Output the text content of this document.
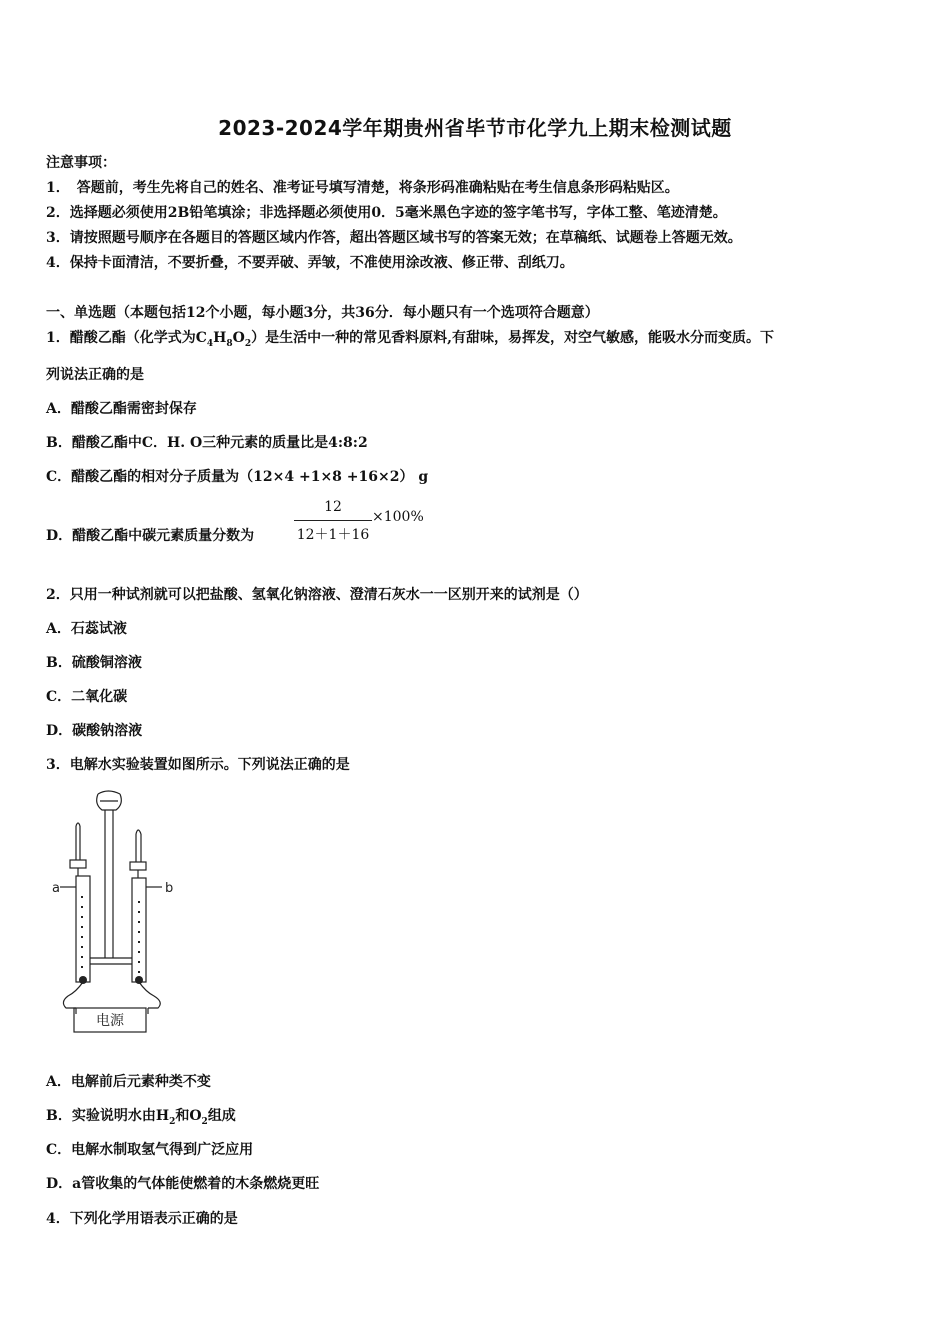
2023-2024学年期贵州省毕节市化学九上期末检测试题
注意事项：
1．　答题前，考生先将自己的姓名、准考证号填写清楚，将条形码准确粘贴在考生信息条形码粘贴区。
2．选择题必须使用2B铅笔填涂；非选择题必须使用0．5毫米黑色字迹的签字笔书写，字体工整、笔迹清楚。
3．请按照题号顺序在各题目的答题区域内作答，超出答题区域书写的答案无效；在草稿纸、试题卷上答题无效。
4．保持卡面清洁，不要折叠，不要弄破、弄皱，不准使用涂改液、修正带、刮纸刀。
一、单选题（本题包括12个小题，每小题3分，共36分．每小题只有一个选项符合题意）
1．醋酸乙酯（化学式为$C_4H_8O_2$）是生活中一种的常见香料原料,有甜味，易挥发，对空气敏感，能吸水分而变质。下
列说法正确的是
A．醋酸乙酯需密封保存
B．醋酸乙酯中C．H. O三种元素的质量比是4:8:2
C．醋酸乙酯的相对分子质量为（12×4 +1×8 +16×2） g
D．醋酸乙酯中碳元素质量分数为
12
12＋1＋16
×100%
2．只用一种试剂就可以把盐酸、氢氧化钠溶液、澄清石灰水一一区别开来的试剂是（）
A．石蕊试液
B．硫酸铜溶液
C．二氧化碳
D．碳酸钠溶液
3．电解水实验装置如图所示。下列说法正确的是
a	b
电源
A．电解前后元素种类不变
B．实验说明水由$H_2$和$O_2$组成
C．电解水制取氢气得到广泛应用
D．a管收集的气体能使燃着的木条燃烧更旺
4．下列化学用语表示正确的是
